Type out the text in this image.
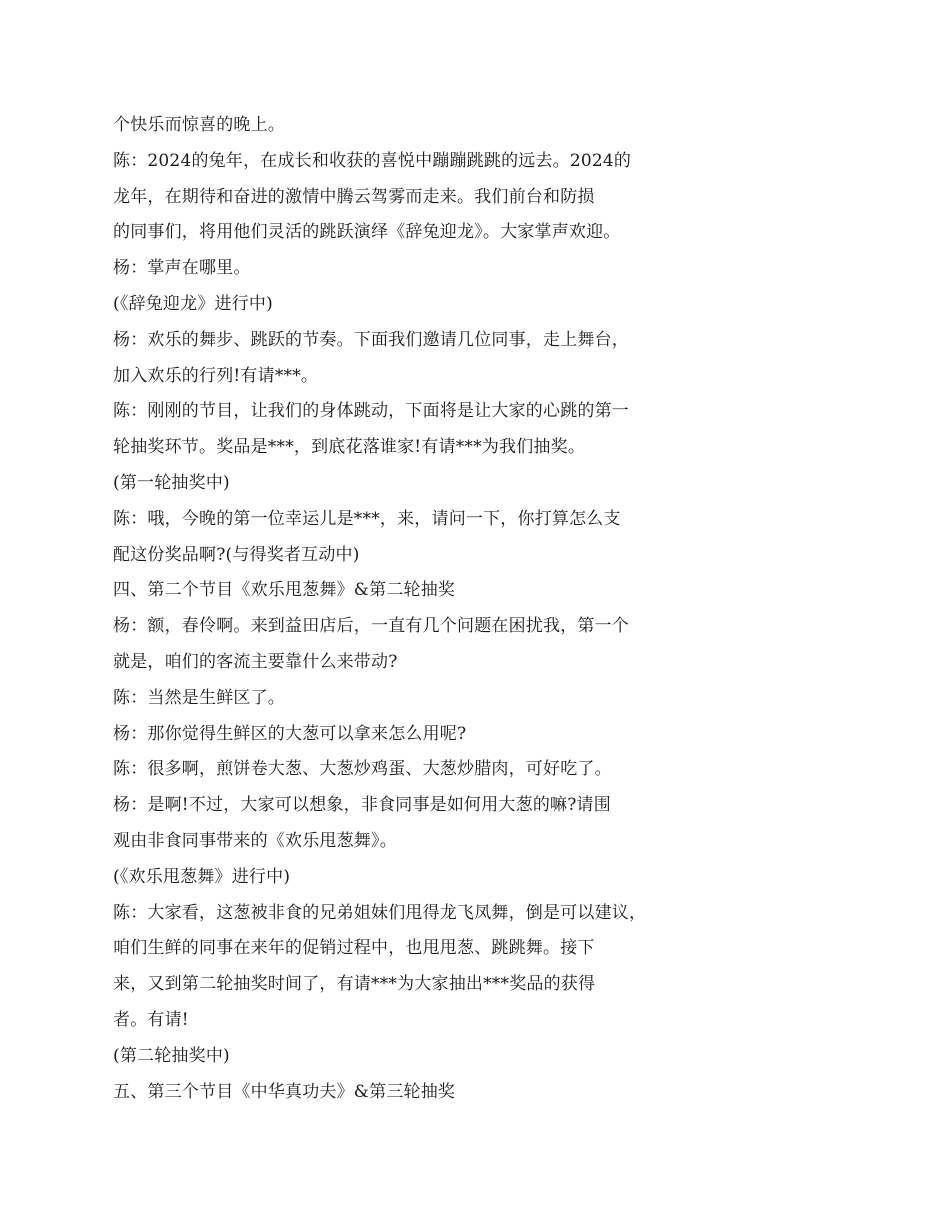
个快乐而惊喜的晚上。
陈：2024的兔年，在成长和收获的喜悦中蹦蹦跳跳的远去。2024的
龙年，在期待和奋进的激情中腾云驾雾而走来。我们前台和防损
的同事们，将用他们灵活的跳跃演绎《辞兔迎龙》。大家掌声欢迎。
杨：掌声在哪里。
(《辞兔迎龙》进行中)
杨：欢乐的舞步、跳跃的节奏。下面我们邀请几位同事，走上舞台，
加入欢乐的行列!有请***。
陈：刚刚的节目，让我们的身体跳动，下面将是让大家的心跳的第一
轮抽奖环节。奖品是***，到底花落谁家!有请***为我们抽奖。
(第一轮抽奖中)
陈：哦，今晚的第一位幸运儿是***，来，请问一下，你打算怎么支
配这份奖品啊?(与得奖者互动中)
四、第二个节目《欢乐甩葱舞》&第二轮抽奖
杨：额，春伶啊。来到益田店后，一直有几个问题在困扰我，第一个
就是，咱们的客流主要靠什么来带动?
陈：当然是生鲜区了。
杨：那你觉得生鲜区的大葱可以拿来怎么用呢?
陈：很多啊，煎饼卷大葱、大葱炒鸡蛋、大葱炒腊肉，可好吃了。
杨：是啊!不过，大家可以想象，非食同事是如何用大葱的嘛?请围
观由非食同事带来的《欢乐甩葱舞》。
(《欢乐甩葱舞》进行中)
陈：大家看，这葱被非食的兄弟姐妹们甩得龙飞凤舞，倒是可以建议，
咱们生鲜的同事在来年的促销过程中，也甩甩葱、跳跳舞。接下
来，又到第二轮抽奖时间了，有请***为大家抽出***奖品的获得
者。有请!
(第二轮抽奖中)
五、第三个节目《中华真功夫》&第三轮抽奖
